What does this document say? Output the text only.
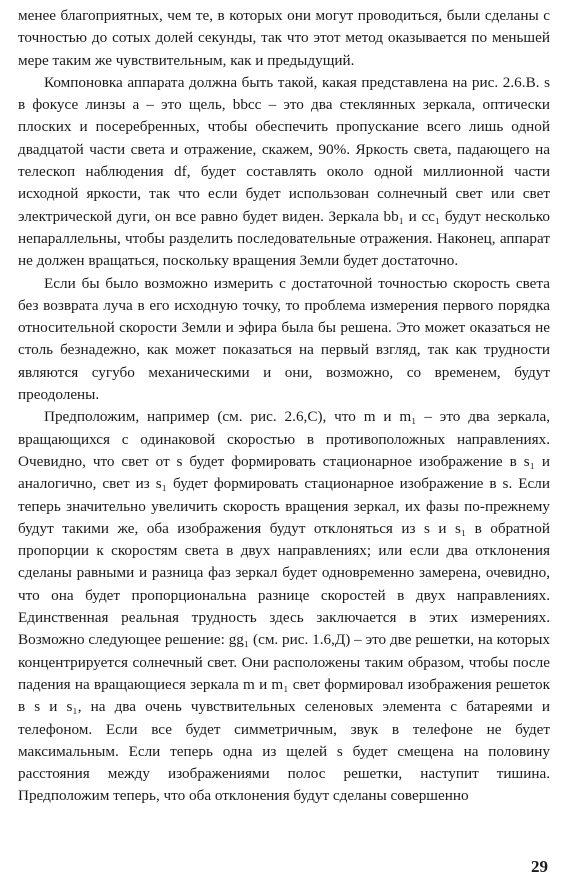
менее благоприятных, чем те, в которых они могут проводиться, были сделаны с точностью до сотых долей секунды, так что этот метод оказывается по меньшей мере таким же чувствительным, как и предыдущий.

Компоновка аппарата должна быть такой, какая представлена на рис. 2.6.В. s в фокусе линзы a – это щель, bbcc – это два стеклянных зеркала, оптически плоских и посеребренных, чтобы обеспечить пропускание всего лишь одной двадцатой части света и отражение, скажем, 90%. Яркость света, падающего на телескоп наблюдения df, будет составлять около одной миллионной части исходной яркости, так что если будет использован солнечный свет или свет электрической дуги, он все равно будет виден. Зеркала bb₁ и cc₁ будут несколько непараллельны, чтобы разделить последовательные отражения. Наконец, аппарат не должен вращаться, поскольку вращения Земли будет достаточно.

Если бы было возможно измерить с достаточной точностью скорость света без возврата луча в его исходную точку, то проблема измерения первого порядка относительной скорости Земли и эфира была бы решена. Это может оказаться не столь безнадежно, как может показаться на первый взгляд, так как трудности являются сугубо механическими и они, возможно, со временем, будут преодолены.

Предположим, например (см. рис. 2.6,С), что m и m₁ – это два зеркала, вращающихся с одинаковой скоростью в противоположных направлениях. Очевидно, что свет от s будет формировать стационарное изображение в s₁ и аналогично, свет из s₁ будет формировать стационарное изображение в s. Если теперь значительно увеличить скорость вращения зеркал, их фазы по-прежнему будут такими же, оба изображения будут отклоняться из s и s₁ в обратной пропорции к скоростям света в двух направлениях; или если два отклонения сделаны равными и разница фаз зеркал будет одновременно замерена, очевидно, что она будет пропорциональна разнице скоростей в двух направлениях. Единственная реальная трудность здесь заключается в этих измерениях. Возможно следующее решение: gg₁ (см. рис. 1.6,Д) – это две решетки, на которых концентрируется солнечный свет. Они расположены таким образом, чтобы после падения на вращающиеся зеркала m и m₁ свет формировал изображения решеток в s и s₁, на два очень чувствительных селеновых элемента с батареями и телефоном. Если все будет симметричным, звук в телефоне не будет максимальным. Если теперь одна из щелей s будет смещена на половину расстояния между изображениями полос решетки, наступит тишина. Предположим теперь, что оба отклонения будут сделаны совершенно

29
